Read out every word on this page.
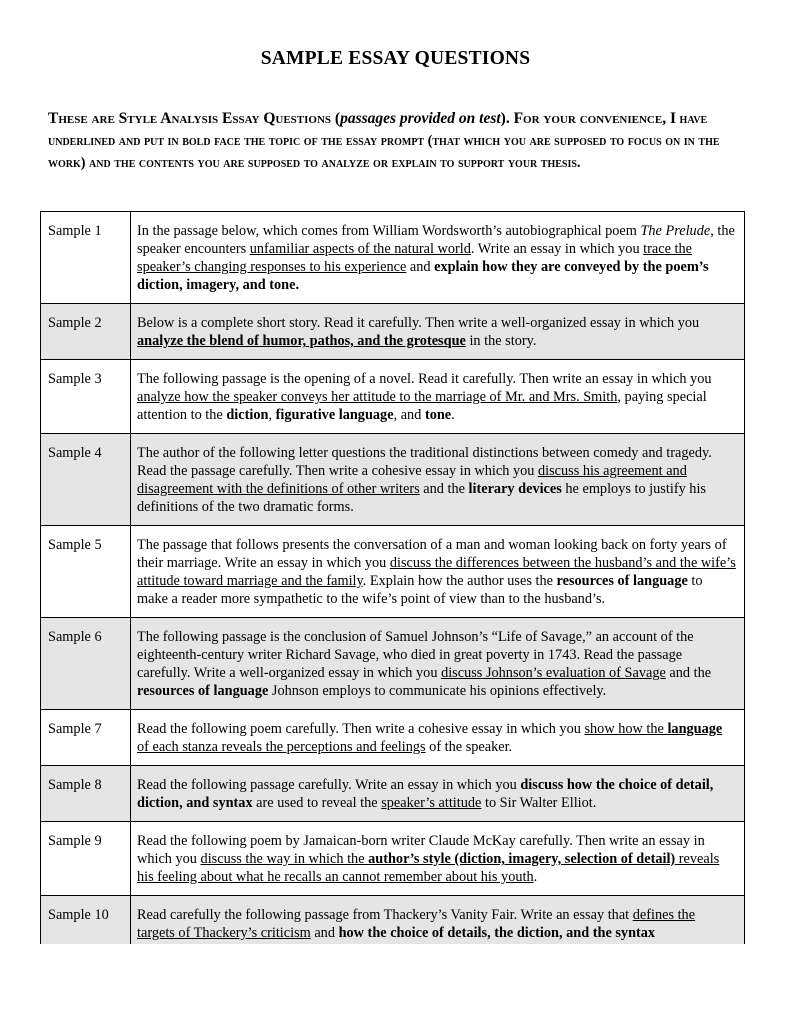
SAMPLE ESSAY QUESTIONS
These are Style Analysis Essay Questions (passages provided on test). For your convenience, I have underlined and put in bold face the topic of the essay prompt (that which you are supposed to focus on in the work) and the contents you are supposed to analyze or explain to support your thesis.
Sample 1	In the passage below, which comes from William Wordsworth’s autobiographical poem The Prelude, the speaker encounters unfamiliar aspects of the natural world. Write an essay in which you trace the speaker’s changing responses to his experience and explain how they are conveyed by the poem’s diction, imagery, and tone.
Sample 2	Below is a complete short story. Read it carefully. Then write a well-organized essay in which you analyze the blend of humor, pathos, and the grotesque in the story.
Sample 3	The following passage is the opening of a novel. Read it carefully. Then write an essay in which you analyze how the speaker conveys her attitude to the marriage of Mr. and Mrs. Smith, paying special attention to the diction, figurative language, and tone.
Sample 4	The author of the following letter questions the traditional distinctions between comedy and tragedy. Read the passage carefully. Then write a cohesive essay in which you discuss his agreement and disagreement with the definitions of other writers and the literary devices he employs to justify his definitions of the two dramatic forms.
Sample 5	The passage that follows presents the conversation of a man and woman looking back on forty years of their marriage. Write an essay in which you discuss the differences between the husband’s and the wife’s attitude toward marriage and the family. Explain how the author uses the resources of language to make a reader more sympathetic to the wife’s point of view than to the husband’s.
Sample 6	The following passage is the conclusion of Samuel Johnson’s “Life of Savage,” an account of the eighteenth-century writer Richard Savage, who died in great poverty in 1743. Read the passage carefully. Write a well-organized essay in which you discuss Johnson’s evaluation of Savage and the resources of language Johnson employs to communicate his opinions effectively.
Sample 7	Read the following poem carefully. Then write a cohesive essay in which you show how the language of each stanza reveals the perceptions and feelings of the speaker.
Sample 8	Read the following passage carefully. Write an essay in which you discuss how the choice of detail, diction, and syntax are used to reveal the speaker’s attitude to Sir Walter Elliot.
Sample 9	Read the following poem by Jamaican-born writer Claude McKay carefully. Then write an essay in which you discuss the way in which the author’s style (diction, imagery, selection of detail) reveals his feeling about what he recalls an cannot remember about his youth.
Sample 10	Read carefully the following passage from Thackery’s Vanity Fair. Write an essay that defines the targets of Thackery’s criticism and how the choice of details, the diction, and the syntax
